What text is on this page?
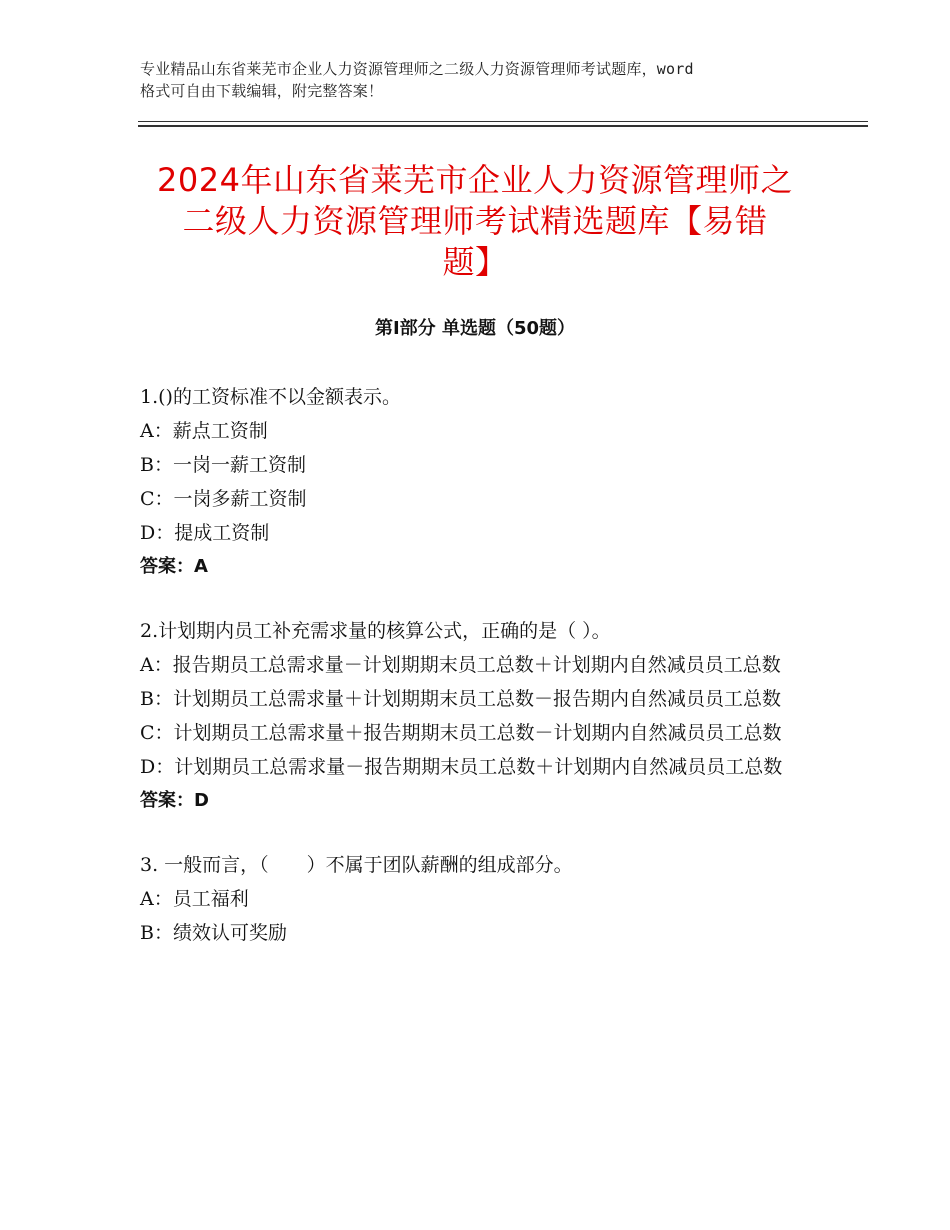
专业精品山东省莱芜市企业人力资源管理师之二级人力资源管理师考试题库，word
格式可自由下载编辑，附完整答案！
2024年山东省莱芜市企业人力资源管理师之
二级人力资源管理师考试精选题库【易错
题】
第Ⅰ部分 单选题（50题）
1.()的工资标准不以金额表示。
A：薪点工资制
B：一岗一薪工资制
C：一岗多薪工资制
D：提成工资制
答案：A
2.计划期内员工补充需求量的核算公式，正确的是（ ）。
A：报告期员工总需求量－计划期期末员工总数＋计划期内自然减员员工总数
B：计划期员工总需求量＋计划期期末员工总数－报告期内自然减员员工总数
C：计划期员工总需求量＋报告期期末员工总数－计划期内自然减员员工总数
D：计划期员工总需求量－报告期期末员工总数＋计划期内自然减员员工总数
答案：D
3. 一般而言，（　　）不属于团队薪酬的组成部分。
A：员工福利
B：绩效认可奖励
